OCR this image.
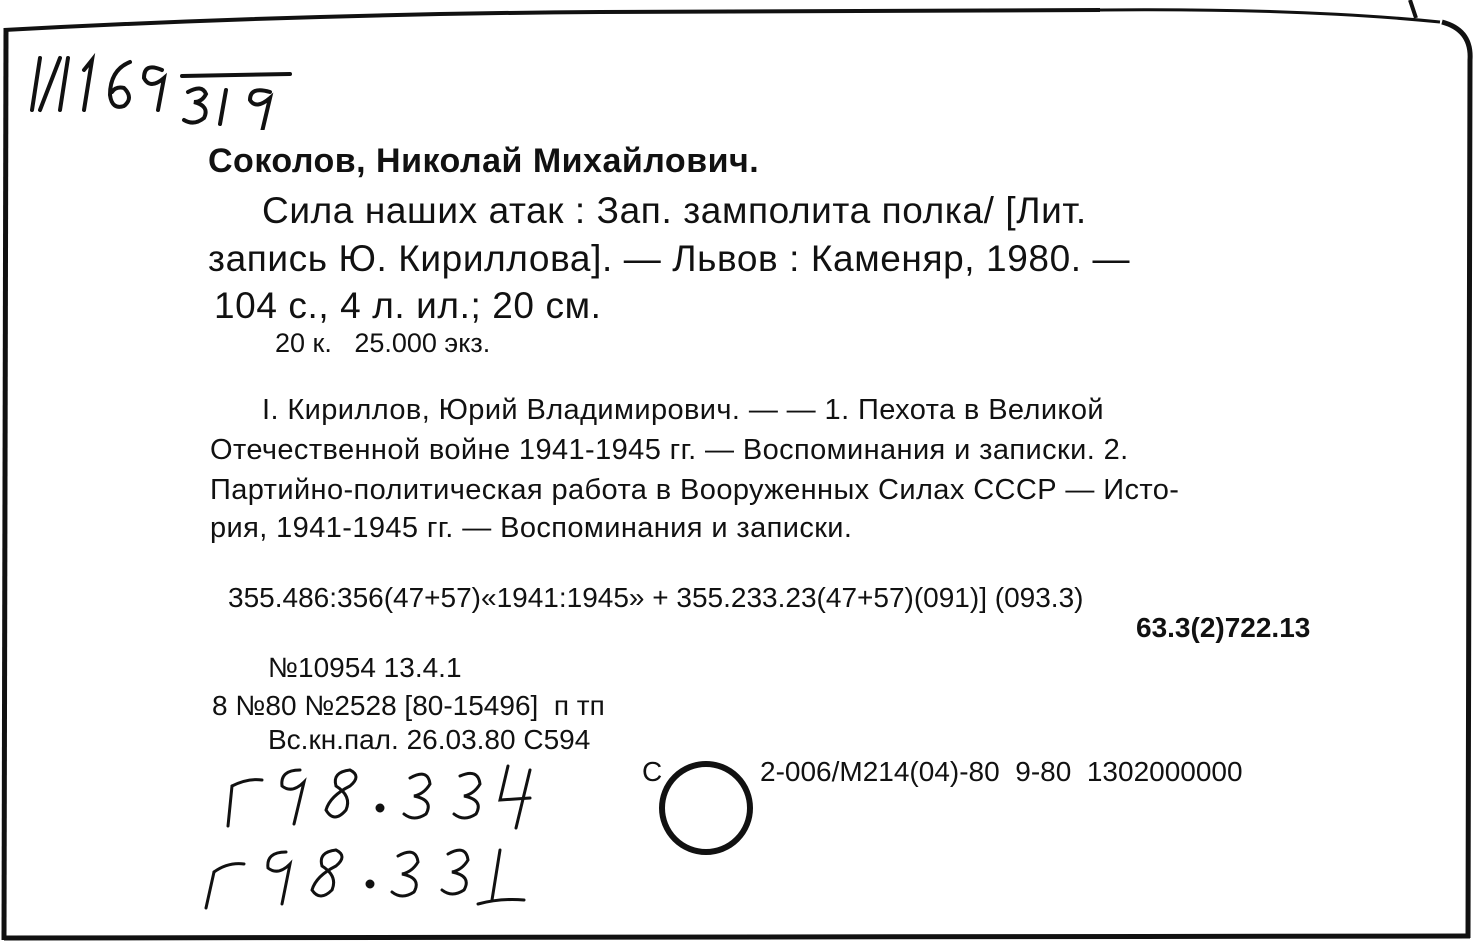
Соколов, Николай Михайлович.
Сила наших атак : Зап. замполита полка/ [Лит.
запись Ю. Кириллова]. — Львов : Каменяр, 1980. —
104 с., 4 л. ил.; 20 см.
20 к.   25.000 экз.
I. Кириллов, Юрий Владимирович. — — 1. Пехота в Великой
Отечественной войне 1941-1945 гг. — Воспоминания и записки. 2.
Партийно-политическая работа в Вооруженных Силах СССР — Исто-
рия, 1941-1945 гг. — Воспоминания и записки.
355.486:356(47+57)«1941:1945» + 355.233.23(47+57)(091)] (093.3)
63.3(2)722.13
№10954 13.4.1
8 №80 №2528 [80-15496]  п тп
Вс.кн.пал. 26.03.80 С594
С	2-006/М214(04)-80  9-80  1302000000
